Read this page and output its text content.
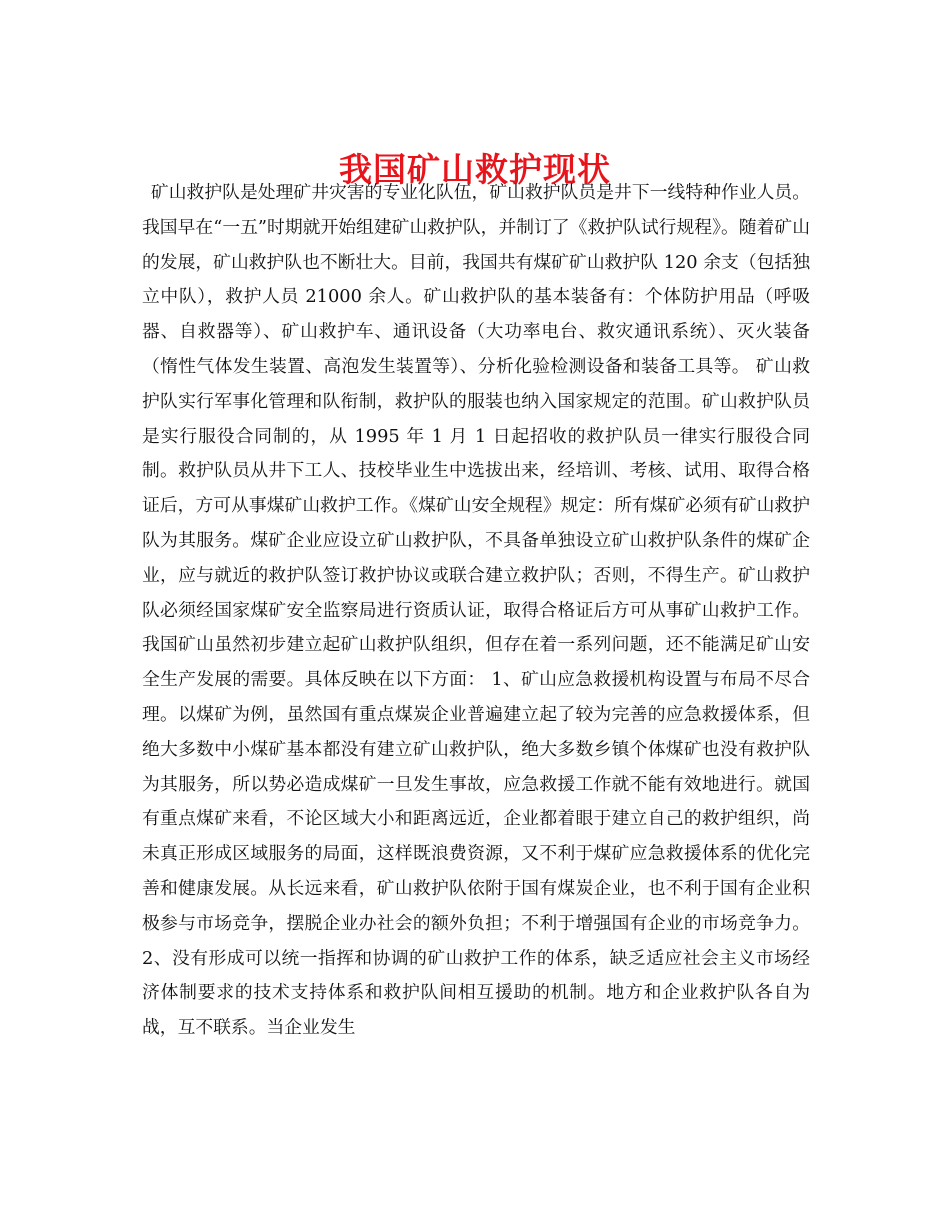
我国矿山救护现状

矿山救护队是处理矿井灾害的专业化队伍，矿山救护队员是井下一线特种作业人员。我国早在“一五”时期就开始组建矿山救护队，并制订了《救护队试行规程》。随着矿山的发展，矿山救护队也不断壮大。目前，我国共有煤矿矿山救护队 120 余支（包括独立中队），救护人员 21000 余人。矿山救护队的基本装备有：个体防护用品（呼吸器、自救器等）、矿山救护车、通讯设备（大功率电台、救灾通讯系统）、灭火装备（惰性气体发生装置、高泡发生装置等）、分析化验检测设备和装备工具等。 矿山救护队实行军事化管理和队衔制，救护队的服装也纳入国家规定的范围。矿山救护队员是实行服役合同制的，从 1995 年 1 月 1 日起招收的救护队员一律实行服役合同制。救护队员从井下工人、技校毕业生中选拔出来，经培训、考核、试用、取得合格证后，方可从事煤矿山救护工作。《煤矿山安全规程》规定：所有煤矿必须有矿山救护队为其服务。煤矿企业应设立矿山救护队，不具备单独设立矿山救护队条件的煤矿企业，应与就近的救护队签订救护协议或联合建立救护队；否则，不得生产。矿山救护队必须经国家煤矿安全监察局进行资质认证，取得合格证后方可从事矿山救护工作。 我国矿山虽然初步建立起矿山救护队组织，但存在着一系列问题，还不能满足矿山安全生产发展的需要。具体反映在以下方面： 1、矿山应急救援机构设置与布局不尽合理。以煤矿为例，虽然国有重点煤炭企业普遍建立起了较为完善的应急救援体系，但绝大多数中小煤矿基本都没有建立矿山救护队，绝大多数乡镇个体煤矿也没有救护队为其服务，所以势必造成煤矿一旦发生事故，应急救援工作就不能有效地进行。就国有重点煤矿来看，不论区域大小和距离远近，企业都着眼于建立自己的救护组织，尚未真正形成区域服务的局面，这样既浪费资源，又不利于煤矿应急救援体系的优化完善和健康发展。从长远来看，矿山救护队依附于国有煤炭企业，也不利于国有企业积极参与市场竞争，摆脱企业办社会的额外负担；不利于增强国有企业的市场竞争力。 2、没有形成可以统一指挥和协调的矿山救护工作的体系，缺乏适应社会主义市场经济体制要求的技术支持体系和救护队间相互援助的机制。地方和企业救护队各自为战，互不联系。当企业发生
